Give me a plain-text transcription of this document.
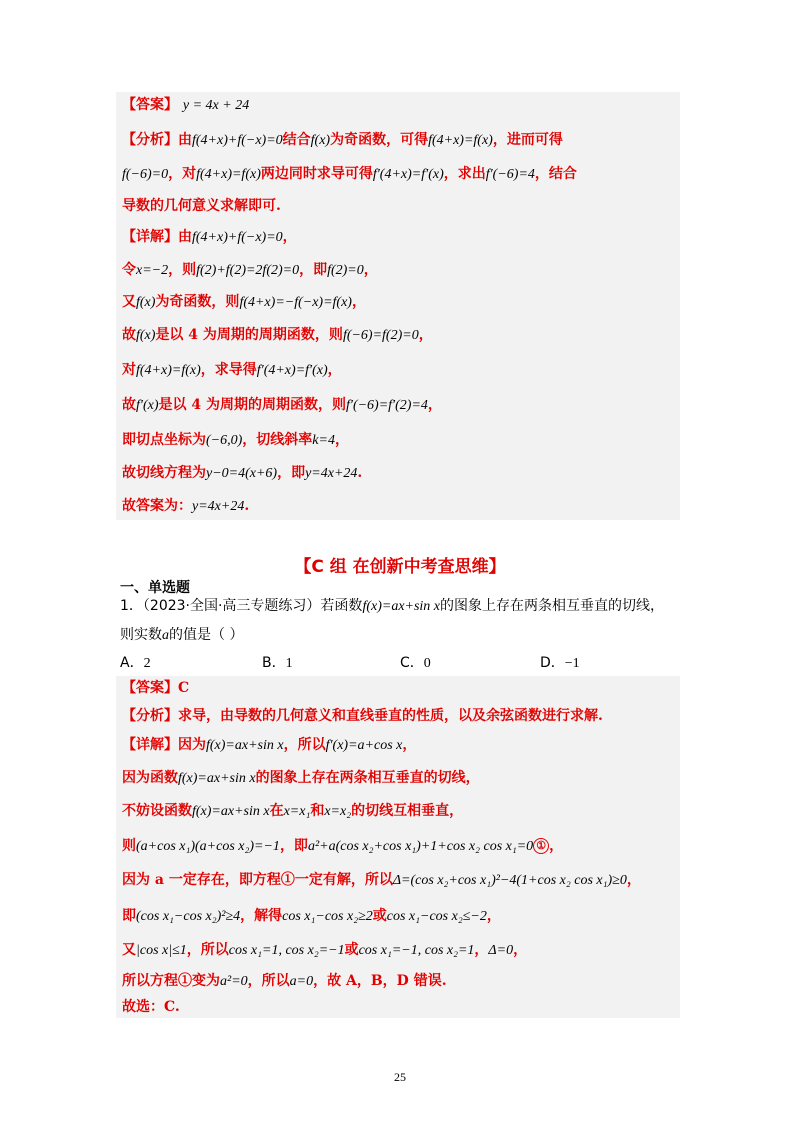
【答案】 y = 4x + 24
【分析】由f(4+x)+f(−x)=0结合f(x)为奇函数，可得f(4+x)=f(x)，进而可得
f(−6)=0，对f(4+x)=f(x)两边同时求导可得f′(4+x)=f′(x)，求出f′(−6)=4，结合
导数的几何意义求解即可.
【详解】由f(4+x)+f(−x)=0，
令x=−2，则f(2)+f(2)=2f(2)=0，即f(2)=0，
又f(x)为奇函数，则f(4+x)=−f(−x)=f(x)，
故f(x)是以 4 为周期的周期函数，则f(−6)=f(2)=0，
对f(4+x)=f(x)，求导得f′(4+x)=f′(x)，
故f′(x)是以 4 为周期的周期函数，则f′(−6)=f′(2)=4，
即切点坐标为(−6,0)，切线斜率k=4，
故切线方程为y−0=4(x+6)，即y=4x+24.
故答案为：y=4x+24.
【C 组 在创新中考查思维】
一、单选题
1．（2023·全国·高三专题练习）若函数f(x)=ax+sin x的图象上存在两条相互垂直的切线，
则实数a的值是（ ）
A．2	B．1	C．0	D．−1
【答案】C
【分析】求导，由导数的几何意义和直线垂直的性质，以及余弦函数进行求解.
【详解】因为f(x)=ax+sin x，所以f′(x)=a+cos x，
因为函数f(x)=ax+sin x的图象上存在两条相互垂直的切线，
不妨设函数f(x)=ax+sin x在x=x₁和x=x₂的切线互相垂直，
则(a+cos x₁)(a+cos x₂)=−1，即a²+a(cos x₂+cos x₁)+1+cos x₂ cos x₁=0 ① ，
因为 a 一定存在，即方程①一定有解，所以Δ=(cos x₂+cos x₁)²−4(1+cos x₂ cos x₁)≥0，
即(cos x₁−cos x₂)²≥4，解得cos x₁−cos x₂≥2或cos x₁−cos x₂≤−2，
又|cos x|≤1，所以cos x₁=1, cos x₂=−1或cos x₁=−1, cos x₂=1，Δ=0，
所以方程①变为a²=0，所以a=0，故 A，B，D 错误.
故选：C.
25
